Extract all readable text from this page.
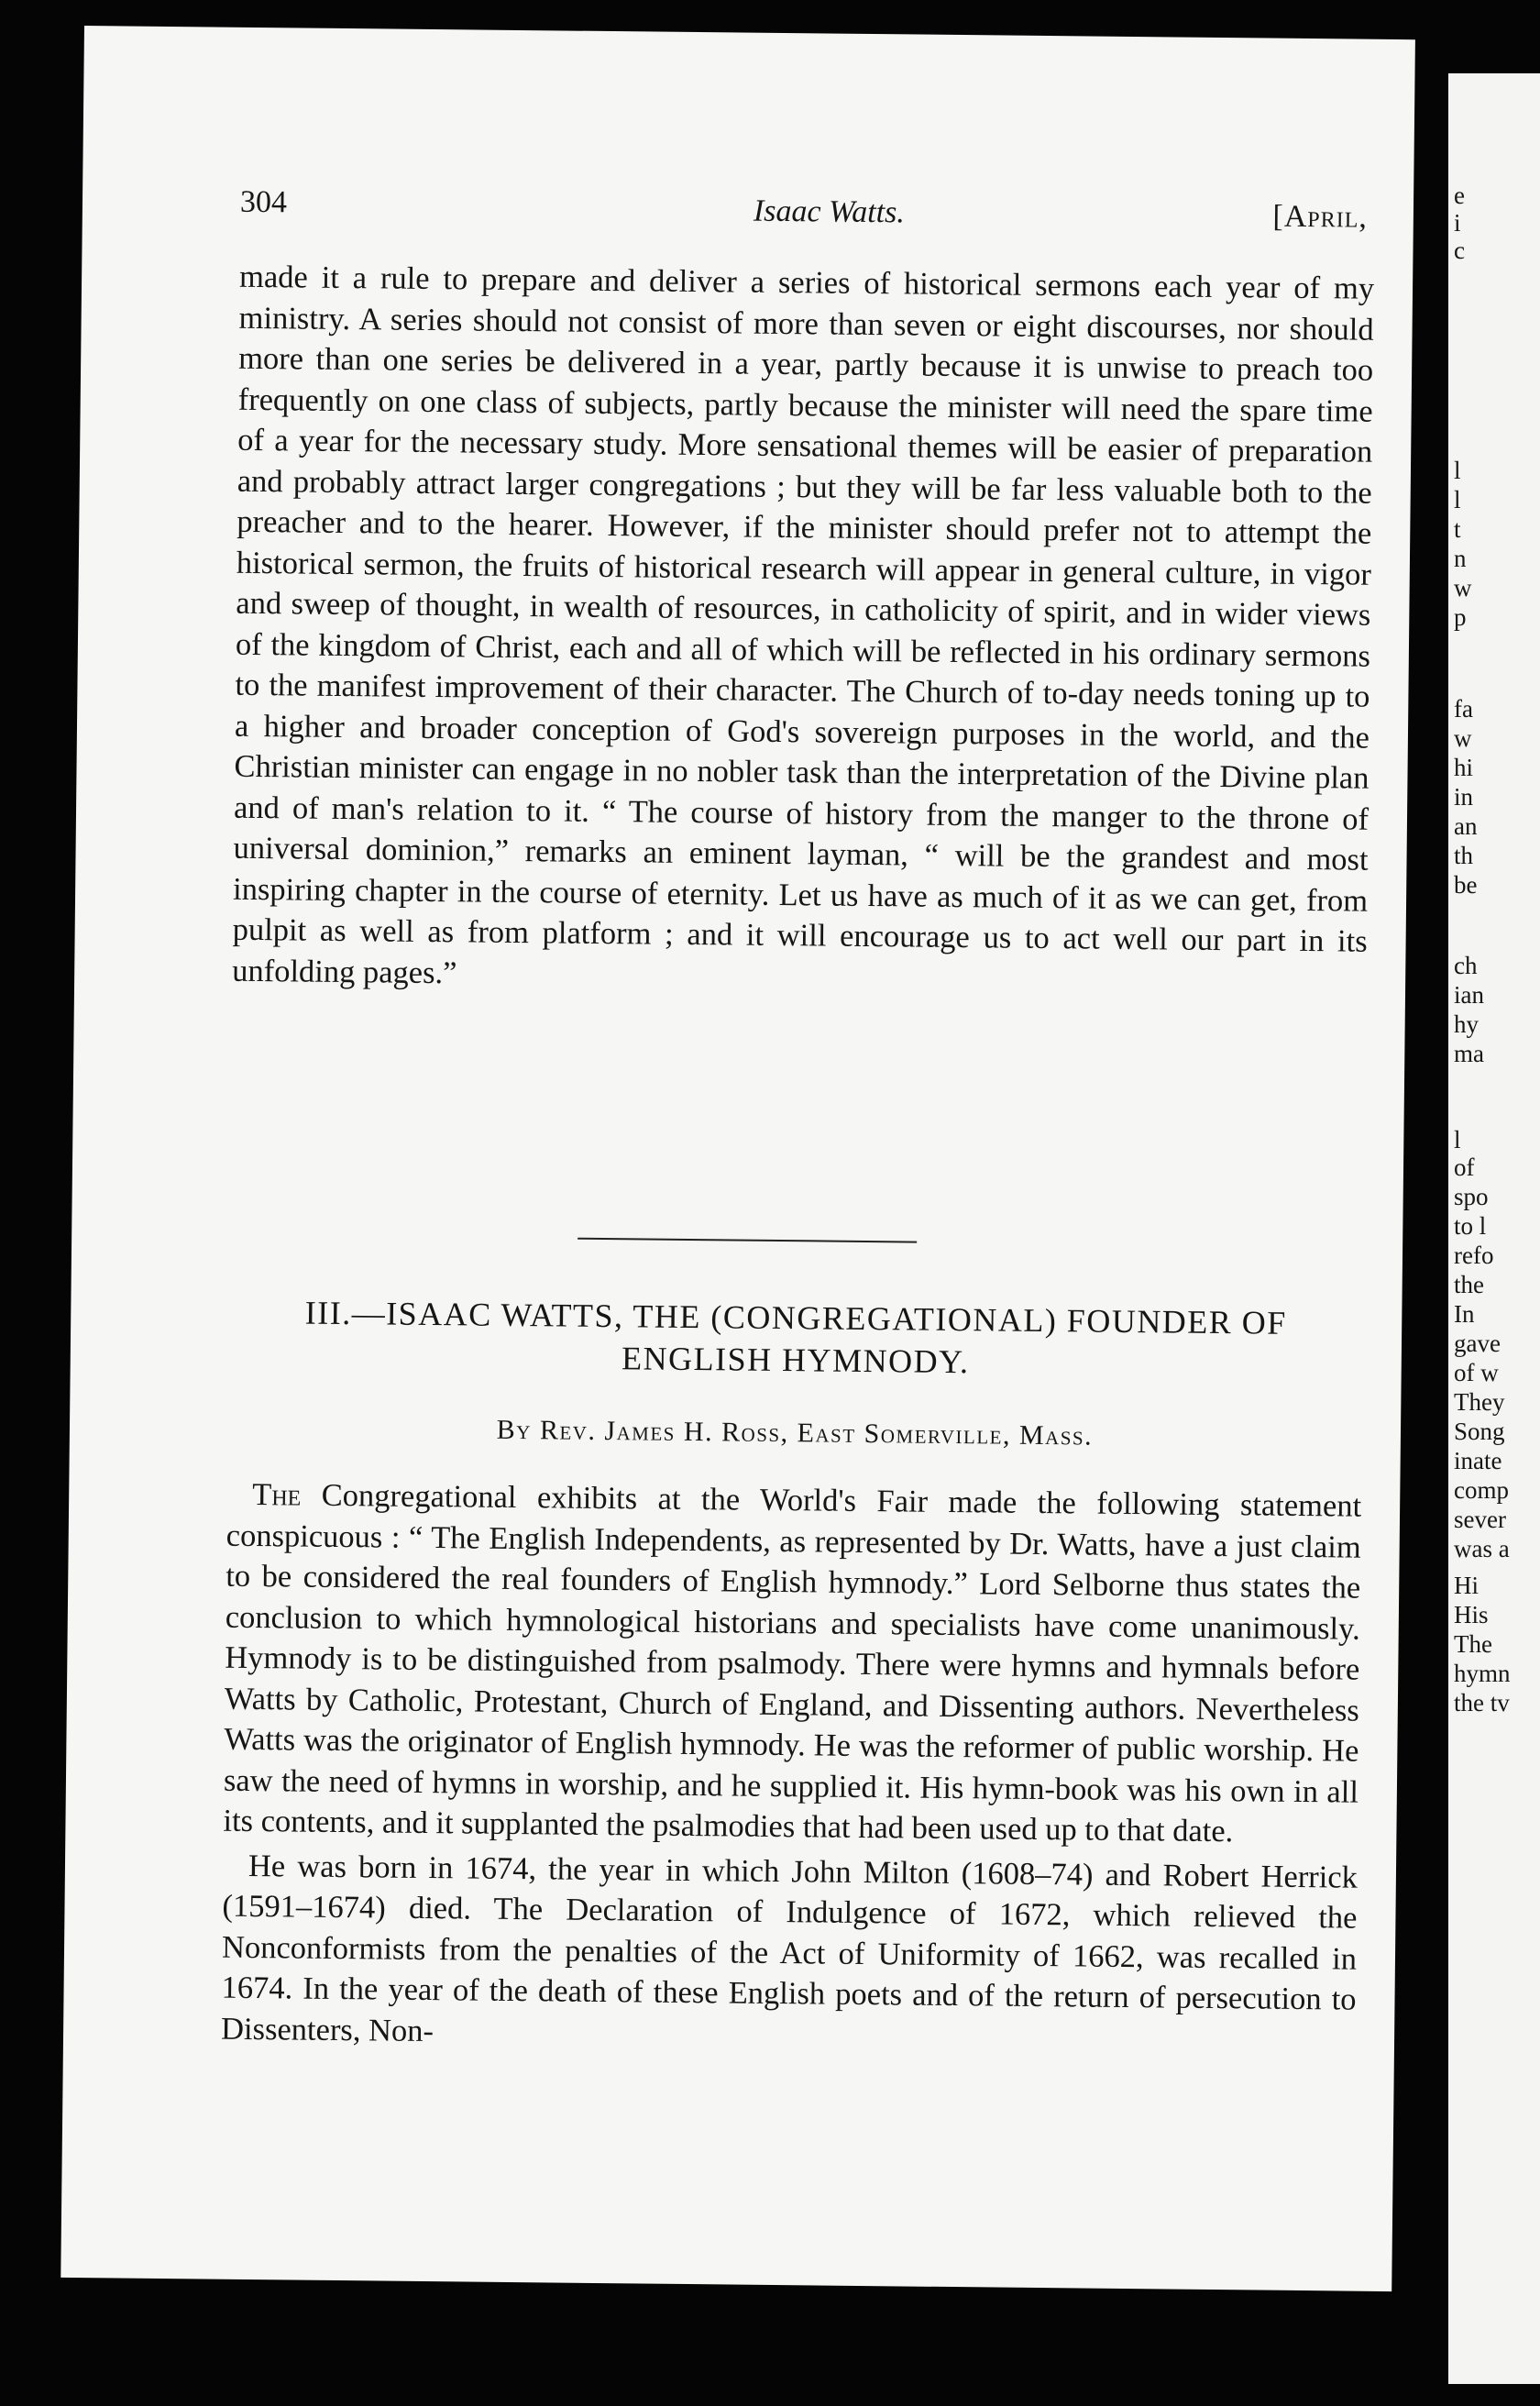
304	Isaac Watts.	[April,

made it a rule to prepare and deliver a series of historical sermons each year of my ministry. A series should not consist of more than seven or eight discourses, nor should more than one series be delivered in a year, partly because it is unwise to preach too frequently on one class of subjects, partly because the minister will need the spare time of a year for the necessary study. More sensational themes will be easier of preparation and probably attract larger congregations ; but they will be far less valuable both to the preacher and to the hearer. However, if the minister should prefer not to attempt the historical sermon, the fruits of historical research will appear in general culture, in vigor and sweep of thought, in wealth of resources, in catholicity of spirit, and in wider views of the kingdom of Christ, each and all of which will be reflected in his ordinary sermons to the manifest improvement of their character. The Church of to-day needs toning up to a higher and broader conception of God's sovereign purposes in the world, and the Christian minister can engage in no nobler task than the interpretation of the Divine plan and of man's relation to it. “ The course of history from the manger to the throne of universal dominion,” remarks an eminent layman, “ will be the grandest and most inspiring chapter in the course of eternity. Let us have as much of it as we can get, from pulpit as well as from platform ; and it will encourage us to act well our part in its unfolding pages.”

III.—ISAAC WATTS, THE (CONGREGATIONAL) FOUNDER OF
ENGLISH HYMNODY.
By Rev. James H. Ross, East Somerville, Mass.

The Congregational exhibits at the World's Fair made the following statement conspicuous : “ The English Independents, as represented by Dr. Watts, have a just claim to be considered the real founders of English hymnody.” Lord Selborne thus states the conclusion to which hymnological historians and specialists have come unanimously. Hymnody is to be distinguished from psalmody. There were hymns and hymnals before Watts by Catholic, Protestant, Church of England, and Dissenting authors. Nevertheless Watts was the originator of English hymnody. He was the reformer of public worship. He saw the need of hymns in worship, and he supplied it. His hymn-book was his own in all its contents, and it supplanted the psalmodies that had been used up to that date.

He was born in 1674, the year in which John Milton (1608–74) and Robert Herrick (1591–1674) died. The Declaration of Indulgence of 1672, which relieved the Nonconformists from the penalties of the Act of Uniformity of 1662, was recalled in 1674. In the year of the death of these English poets and of the return of persecution to Dissenters, Non-

e
i
c
l
l
t
n
w
p
fa
w
hi
in
an
th
be
ch
ian
hy
ma
l
of
spo
to l
refo
the
In
gave
of w
They
Song
inate
comp
sever
was a
Hi
His
The
hymn
the tv
